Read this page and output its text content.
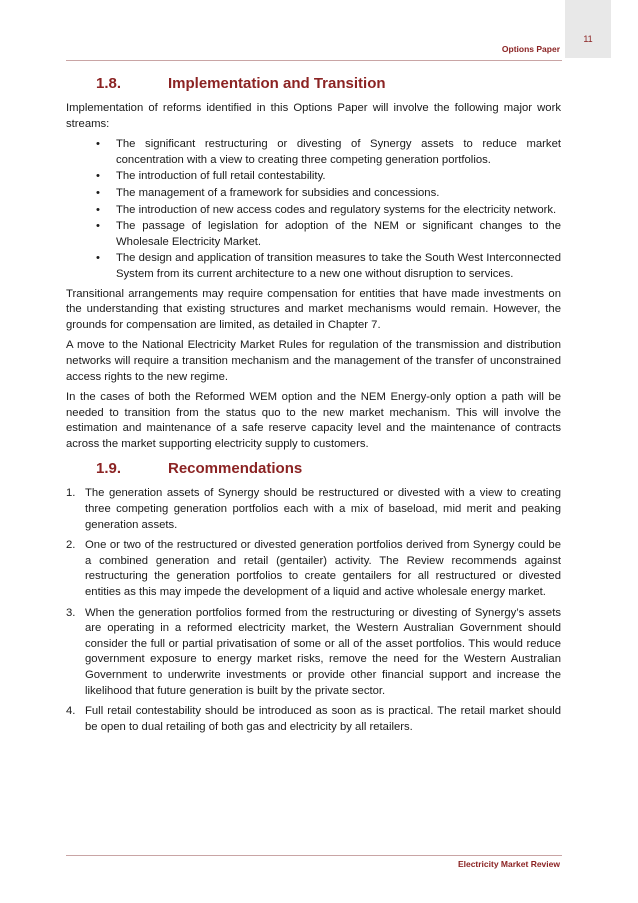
Options Paper
11
1.8.	Implementation and Transition

Implementation of reforms identified in this Options Paper will involve the following major work streams:

• The significant restructuring or divesting of Synergy assets to reduce market concentration with a view to creating three competing generation portfolios.
• The introduction of full retail contestability.
• The management of a framework for subsidies and concessions.
• The introduction of new access codes and regulatory systems for the electricity network.
• The passage of legislation for adoption of the NEM or significant changes to the Wholesale Electricity Market.
• The design and application of transition measures to take the South West Interconnected System from its current architecture to a new one without disruption to services.

Transitional arrangements may require compensation for entities that have made investments on the understanding that existing structures and market mechanisms would remain. However, the grounds for compensation are limited, as detailed in Chapter 7.

A move to the National Electricity Market Rules for regulation of the transmission and distribution networks will require a transition mechanism and the management of the transfer of unconstrained access rights to the new regime.

In the cases of both the Reformed WEM option and the NEM Energy-only option a path will be needed to transition from the status quo to the new market mechanism. This will involve the estimation and maintenance of a safe reserve capacity level and the maintenance of contracts across the market supporting electricity supply to customers.

1.9.	Recommendations
1. The generation assets of Synergy should be restructured or divested with a view to creating three competing generation portfolios each with a mix of baseload, mid merit and peaking generation assets.
2. One or two of the restructured or divested generation portfolios derived from Synergy could be a combined generation and retail (gentailer) activity. The Review recommends against restructuring the generation portfolios to create gentailers for all restructured or divested entities as this may impede the development of a liquid and active wholesale energy market.
3. When the generation portfolios formed from the restructuring or divesting of Synergy’s assets are operating in a reformed electricity market, the Western Australian Government should consider the full or partial privatisation of some or all of the asset portfolios. This would reduce government exposure to energy market risks, remove the need for the Western Australian Government to underwrite investments or provide other financial support and increase the likelihood that future generation is built by the private sector.
4. Full retail contestability should be introduced as soon as is practical. The retail market should be open to dual retailing of both gas and electricity by all retailers.
Electricity Market Review
